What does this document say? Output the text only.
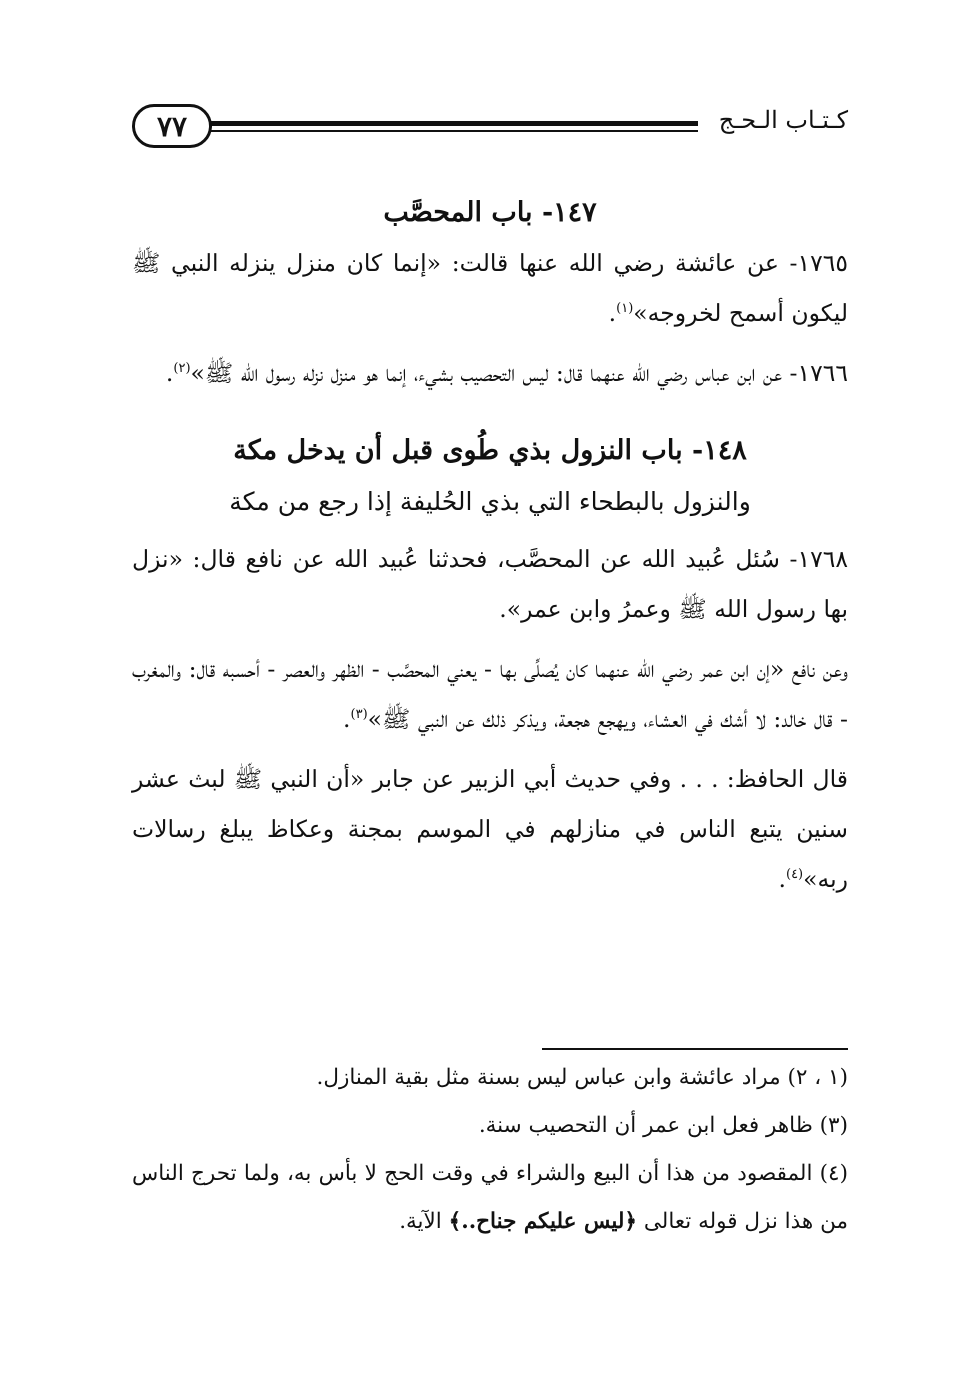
٧٧	كـتـاب الـحـج
١٤٧- باب المحصَّب

١٧٦٥- عن عائشة رضي الله عنها قالت: «إنما كان منزل ينزله النبي ﷺ ليكون أسمح لخروجه»$^{(١)}$.

١٧٦٦- عن ابن عباس رضي الله عنهما قال: ليس التحصيب بشيء، إنما هو منزل نزله رسول الله ﷺ»$^{(٢)}$.

١٤٨- باب النزول بذي طُوى قبل أن يدخل مكة

والنزول بالبطحاء التي بذي الحُليفة إذا رجع من مكة

١٧٦٨- سُئل عُبيد الله عن المحصَّب، فحدثنا عُبيد الله عن نافع قال: «نزل بها رسول الله ﷺ وعمرُ وابن عمر».

وعن نافع «إن ابن عمر رضي الله عنهما كان يُصلِّى بها - يعني المحصَّب - الظهر والعصر - أحسبه قال: والمغرب - قال خالد: لا أشك في العشاء، ويهجع هجعة، ويذكر ذلك عن النبي ﷺ»$^{(٣)}$.

قال الحافظ: . . . وفي حديث أبي الزبير عن جابر «أن النبي ﷺ لبث عشر سنين يتبع الناس في منازلهم في الموسم بمجنة وعكاظ يبلغ رسالات ربه»$^{(٤)}$.

(١ ، ٢) مراد عائشة وابن عباس ليس بسنة مثل بقية المنازل.

(٣) ظاهر فعل ابن عمر أن التحصيب سنة.

(٤) المقصود من هذا أن البيع والشراء في وقت الحج لا بأس به، ولما تحرج الناس من هذا نزل قوله تعالى ﴿ليس عليكم جناح..﴾ الآية.
